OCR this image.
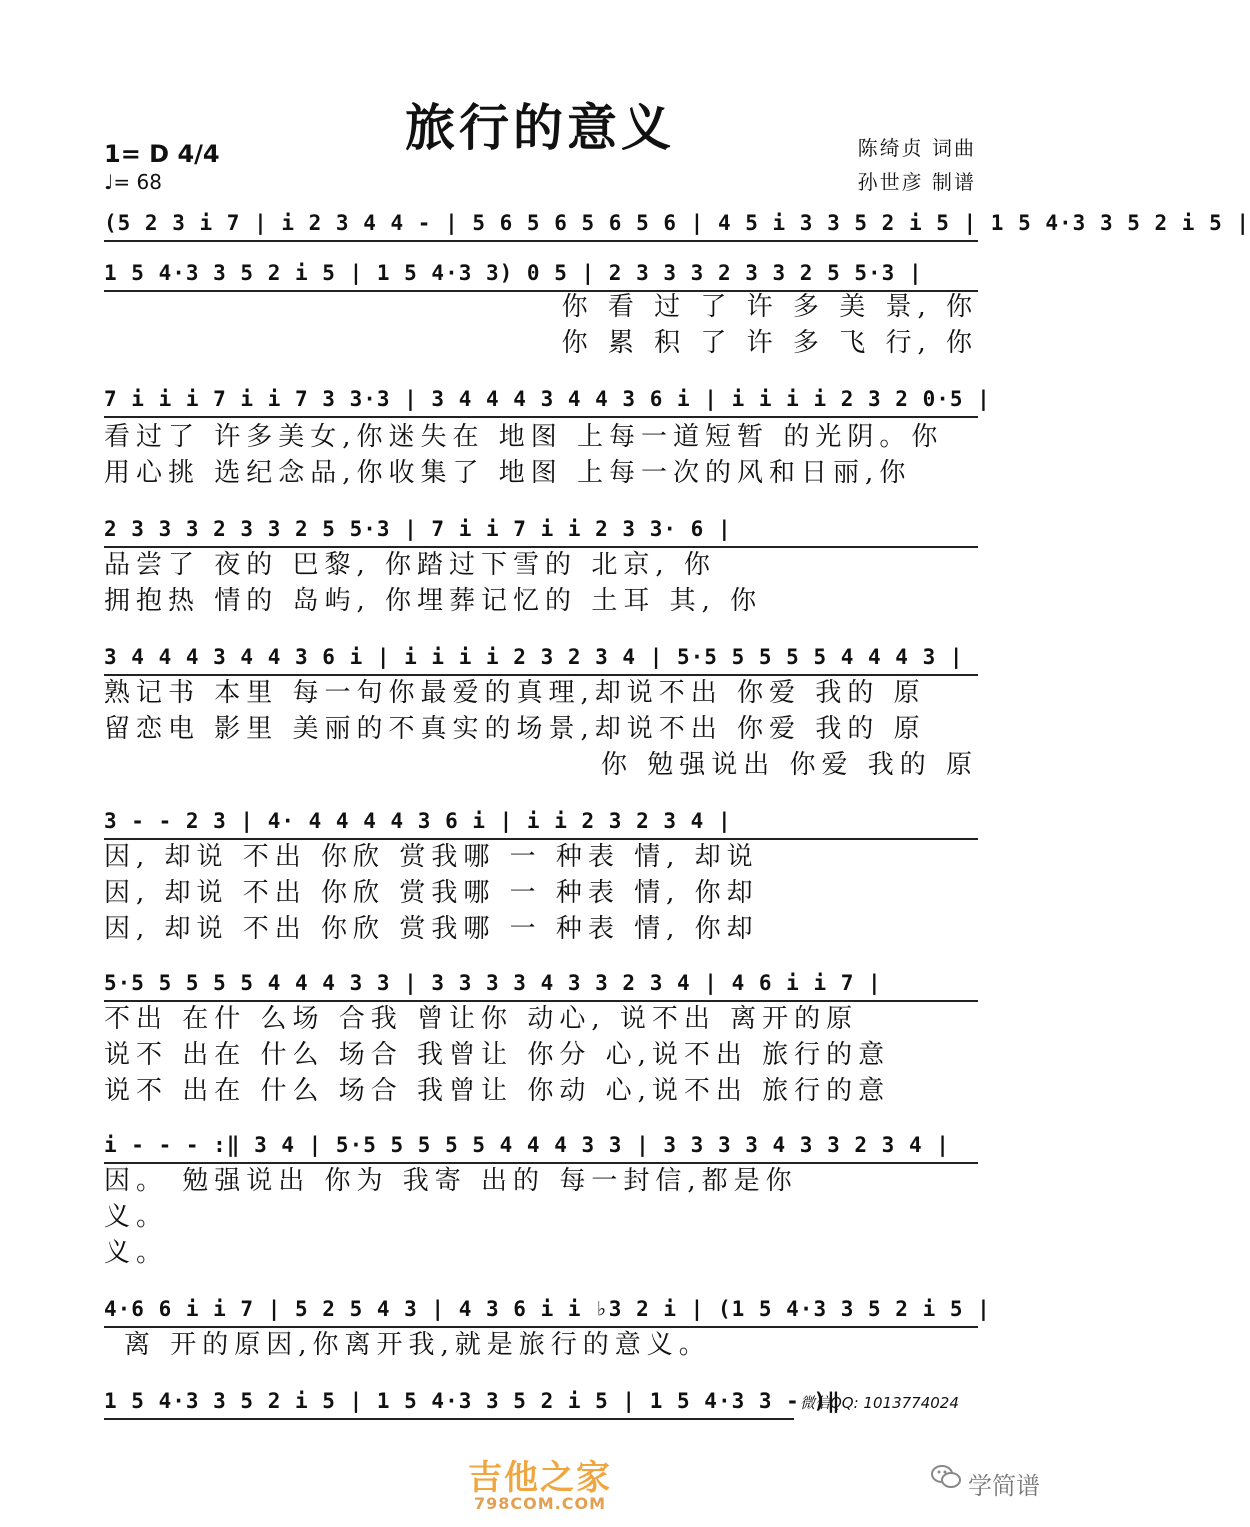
旅行的意义
1= D 4/4
♩= 68
陈绮贞 词曲
孙世彦 制谱
(5 2 3 i 7 | i 2 3 4 4 - | 5 6 5 6 5 6 5 6 | 4 5 i 3 3 5 2 i 5 | 1 5 4·3 3 5 2 i 5 |
1 5 4·3 3 5 2 i 5 | 1 5 4·3 3) 0 5 | 2 3 3 3 2 3 3 2 5 5·3 |
你 看 过 了 许 多 美 景, 你
你 累 积 了 许 多 飞 行, 你
7 i i i 7 i i 7 3 3·3 | 3 4 4 4 3 4 4 3 6 i | i i i i 2 3 2 0·5 |
看过了 许多美女,你迷失在 地图 上每一道短暂 的光阴。你
用心挑 选纪念品,你收集了 地图 上每一次的风和日丽,你
2 3 3 3 2 3 3 2 5 5·3 | 7 i i 7 i i 2 3 3· 6 |
品尝了 夜的 巴黎, 你踏过下雪的 北京, 你
拥抱热 情的 岛屿, 你埋葬记忆的 土耳 其, 你
3 4 4 4 3 4 4 3 6 i | i i i i 2 3 2 3 4 | 5·5 5 5 5 5 4 4 4 3 |
熟记书 本里 每一句你最爱的真理,却说不出 你爱 我的 原
留恋电 影里 美丽的不真实的场景,却说不出 你爱 我的 原
你 勉强说出 你爱 我的 原
3 - - 2 3 | 4· 4 4 4 4 3 6 i | i i 2 3 2 3 4 |
因, 却说 不出 你欣 赏我哪 一 种表 情, 却说
因, 却说 不出 你欣 赏我哪 一 种表 情, 你却
因, 却说 不出 你欣 赏我哪 一 种表 情, 你却
5·5 5 5 5 5 4 4 4 3 3 | 3 3 3 3 4 3 3 2 3 4 | 4 6 i i 7 |
不出 在什 么场 合我 曾让你 动心, 说不出 离开的原
说不 出在 什么 场合 我曾让 你分 心,说不出 旅行的意
说不 出在 什么 场合 我曾让 你动 心,说不出 旅行的意
i - - - :‖ 3 4 | 5·5 5 5 5 5 4 4 4 3 3 | 3 3 3 3 4 3 3 2 3 4 |
因。 勉强说出 你为 我寄 出的 每一封信,都是你
义。
义。
4·6 6 i i 7 | 5 2 5 4 3 | 4 3 6 i i ♭3 2 i | (1 5 4·3 3 5 2 i 5 |
离 开的原因,你离开我,就是旅行的意义。
1 5 4·3 3 5 2 i 5 | 1 5 4·3 3 5 2 i 5 | 1 5 4·3 3 - )‖
微信QQ: 1013774024
吉他之家
798COM.COM
学简谱
